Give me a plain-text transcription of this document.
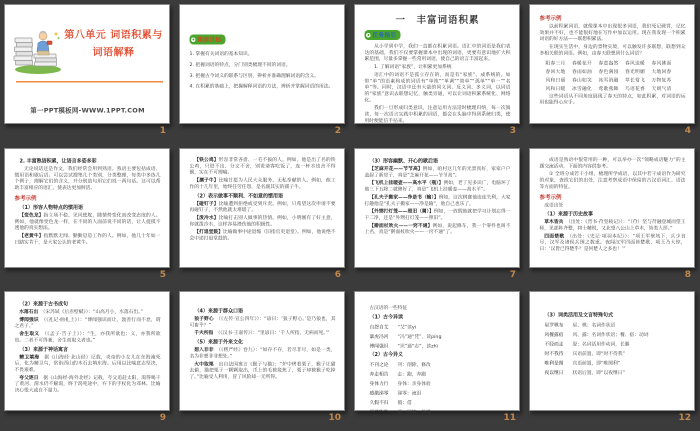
第八单元 词语积累与
词语解释
第一PPT模板网-WWW.1PPT.COM
1
素养目标
1. 掌握有关词语的基本知识。
2. 把握词语的特点，分门别类梳理不同的词语。
3. 把握古今词义的联系与区别，辨析并准确理解词语的含义。
4. 在积累的基础上，把握解释词语的方法，辨析并掌握词语的用法。
2
一　丰富词语积累
任务指引
从小学到中学，我们一直都在积累词语。语汇中的词语是我们表达的基础，我们不仅要掌握课本中出现的词语，更要有意识地扩大积累范围，尽量多掌握一些常用词语，使自己的语言丰富起来。
1. 了解词语“家族”，让积累更加系统
语汇中的词语不是孤立存在的，而是有“家族”、成系统的。如带“单”的语素构成的词语有“单纯”“单调”“简单”“孤单”“单一”“名单”等。同时，汉语中还有大量的同义词、反义词、多义词，以词语的“家族”意识去联想记忆，触类旁通，可以让词语积累系统化、网络化。
我们一旦形成归类意识，注意运用方法适时梳理归纳，每一次阅读、每一次语言实践中积累的词语，都会在头脑中得到系统归类，使用时便能信手拈来。
3
参考示例
以前积累词语，就像课本中出现很多词语，我们死记硬背，记忆效果并不好，也不能很好地在写作中加以运用。现在我发现一个积累词语的好方法——联想积累法。
在现实生活中，身边的景物实境，可以触发许多联想，联想到众多相关联的词语。例如，由春天联想到什么词语？
阳春三月 春暖花开 春意盎然 春风送暖 春风拂面
春回大地 春雨如油 春色满园 春光明媚 大地回春
风和日丽 春山如笑 冰雪消融 草长莺飞 万物复苏
风和日暖 冰雪融化 莺歌燕舞 鸟语花香 天朗气清
这些词语从不同角度展现了春天的特点，如此积累，对词语的运用也能得心应手。
4
2. 丰富熟语积累，让语言多姿多彩
无论说话还是作文，我们经常会用到熟语。熟语主要包括成语、惯用语和歇后语。可以尝试搜集几个类别，分类整理，每类中多选几个例子，理解它们的含义，并分别造句用它们说一两句话。这可以帮助丰富相应的语汇，使表达更加鲜活。
参考示例
（1）形容人物特点的惯用语
【变色龙】指立场不稳、见风使舵，随情势变化而改变态度的人。例如，他就像变色龙一样，在不同的人面前说不同的话，让人捉摸不透他的真实想法。
【老黄牛】指默默无闻、勤勤恳恳工作的人。例如，他几十年如一日踏实肯干，是大家公认的老黄牛。
5
【铁公鸡】形容非常吝啬、一毛不拔的人。例如，他是出了名的铁公鸡，只进不出、分文不舍，别说请客吃饭了，连一杯水也舍不得倒，实在不可理喻。
【孺子牛】比喻甘愿为人民大众服务、无私奉献的人。例如，他工作的十几年里，始终任劳任怨，是名副其实的孺子牛。
（2）表示做事不顺利、不如意的惯用语
【碰钉子】比喻遭到拒绝或受到斥责。例如，只希望这次申请不要再碰钉子，不然他就太难堪了。
【泼冷水】比喻打击别人做事的热情。例如，小明刚有了好主意，你就泼冷水，这样容易挫伤他的积极性。
【打退堂鼓】比喻做事中途退缩（旧指官吏退堂）。例如，他说绝不会中途打退堂鼓的。
6
（3）形容幽默、开心的歇后语
【芝麻开花——节节高】例如，咱村这几年的光景真好，家家户户盖起了新房子，真是“芝麻开花——节节高”。
【飞机上挂暖壶——高水平（瓶）】例如，老丁见多识广，电脑坏了他三下五除二就修好了，真是“飞机上挂暖壶——高水平”。
【孔夫子搬家——净是书（输）】例如，这次棋赛他连连失利，大家打趣他是“孔夫子搬家——净是输”，他自己也乐了。
【外甥打灯笼——照旧（舅）】例如，一放假他就把学习计划忘得一干二净，还是“外甥打灯笼——照旧”。
【擀面杖吹火——一窍不通】例如，说起修车，我一个零件也叫不上名，真是“擀面杖吹火——一窍不通”了。
7
成语是熟语中很常用的一种，可以举办一次“领略成语魅力”的主题交流活动，下面的内容供参考。
① 全班分成若干小组，梳理所学成语，以其中若干成语作为研究的对象，查找它们的出处，注意考察成语中保留的古汉语词汇、语法等方面的特征。
参考示例
成语出处
（1）来源于历史故事
草木皆兵　（出处：《晋书·苻坚载记》）：“（苻）坚与苻融登城而望王师，见部阵齐整，将士精锐，又北望八公山上草木，皆类人形。”
四面楚歌　（出处：《史记·项羽本纪》）：“项王军壁垓下，兵少食尽，汉军及诸侯兵围之数重。夜闻汉军四面皆楚歌，项王乃大惊，曰：‘汉皆已得楚乎？是何楚人之多也！’”
8
（2）来源于古书成句
水落石出　（宋苏轼《后赤壁赋》）：“山高月小，水落石出。”
博闻强识　（《礼记·曲礼上》）：“博闻强识而让，敦善行而不怠，谓之君子。”
舍生取义　（《孟子·告子上》）：“生，亦我所欲也；义，亦我所欲也。二者不可得兼，舍生而取义者也。”
（3）来源于神话寓言
精卫填海　据《山海经·北山经》记载，炎帝的小女儿在东海淹死后，化为精卫鸟，常衔西山的木石去填东海。后用以比喻意志坚决，不畏艰难。
夸父逐日　据《山海经·海外北经》记载，夸父追赶太阳，渴得喝干了黄河、渭水仍不解渴，终于渴死途中，弃下的手杖化为邓林。比喻决心很大或自不量力。
9
（4）来源于群众口语
狼子野心　（《左传·宣公四年》）：“谚曰：‘狼子野心。’是乃狼也，其可畜乎？”
千夫所指　（《汉书·王嘉传》）：“里谚曰：‘千人所指，无病而死。’”
（5）来源于外来文化
想入非非　（《楞严经》卷九）：“如存不存，若尽非尽，如是一类，名为非想非非想处。”
火中取栗　出自法国寓言《猴子与猫》：“炉中烤着栗子，猴子让猫去偷，猫把栗子一颗颗取出，爪上的毛被烧焦了，栗子却被猴子吃掉了。”比喻受人利用，冒了风险却一无所得。
10
古汉语的一些特征
（1）古今异读
自怨自艾 “艾”读yì
暴虎冯河 “冯”通“凭”，读píng
博闻强识 “识”通“志”，读zhì
（2）古今异义
不刊之论 刊：削除，修改
奔走相告 走：跑，奔跑
身体力行 身体：亲身体验
感激涕零 涕零：流泪
久假不归 假：借
爱莫能助 爱：同情，怜惜
11
（3）词类活用及文言特殊句式
星罗棋布 星、棋：名词作状语
风餐露宿 风、露：名词作状语；餐、宿：动词
不胫而走 胫：名词活用作动词，长腿
时不我待 宾语前置，即“时不待我”
唯利是图 宾语前置，即“唯图利”
夜以继日 状语后置，即“以夜继日”
12
